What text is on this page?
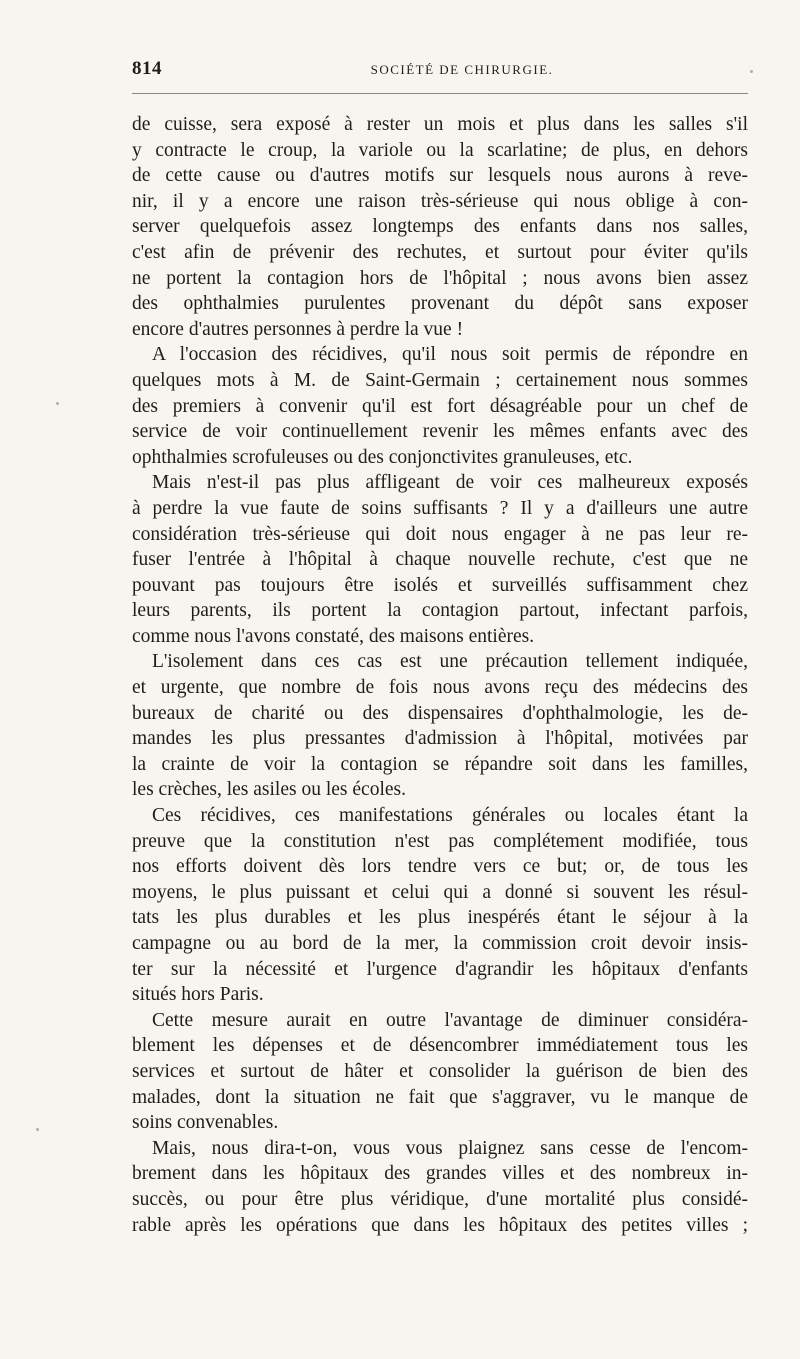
814	SOCIÉTÉ DE CHIRURGIE.
de cuisse, sera exposé à rester un mois et plus dans les salles s'il
y contracte le croup, la variole ou la scarlatine; de plus, en dehors
de cette cause ou d'autres motifs sur lesquels nous aurons à reve-
nir, il y a encore une raison très-sérieuse qui nous oblige à con-
server quelquefois assez longtemps des enfants dans nos salles,
c'est afin de prévenir des rechutes, et surtout pour éviter qu'ils
ne portent la contagion hors de l'hôpital ; nous avons bien assez
des ophthalmies purulentes provenant du dépôt sans exposer
encore d'autres personnes à perdre la vue !
A l'occasion des récidives, qu'il nous soit permis de répondre en
quelques mots à M. de Saint-Germain ; certainement nous sommes
des premiers à convenir qu'il est fort désagréable pour un chef de
service de voir continuellement revenir les mêmes enfants avec des
ophthalmies scrofuleuses ou des conjonctivites granuleuses, etc.
Mais n'est-il pas plus affligeant de voir ces malheureux exposés
à perdre la vue faute de soins suffisants ? Il y a d'ailleurs une autre
considération très-sérieuse qui doit nous engager à ne pas leur re-
fuser l'entrée à l'hôpital à chaque nouvelle rechute, c'est que ne
pouvant pas toujours être isolés et surveillés suffisamment chez
leurs parents, ils portent la contagion partout, infectant parfois,
comme nous l'avons constaté, des maisons entières.
L'isolement dans ces cas est une précaution tellement indiquée,
et urgente, que nombre de fois nous avons reçu des médecins des
bureaux de charité ou des dispensaires d'ophthalmologie, les de-
mandes les plus pressantes d'admission à l'hôpital, motivées par
la crainte de voir la contagion se répandre soit dans les familles,
les crèches, les asiles ou les écoles.
Ces récidives, ces manifestations générales ou locales étant la
preuve que la constitution n'est pas complétement modifiée, tous
nos efforts doivent dès lors tendre vers ce but; or, de tous les
moyens, le plus puissant et celui qui a donné si souvent les résul-
tats les plus durables et les plus inespérés étant le séjour à la
campagne ou au bord de la mer, la commission croit devoir insis-
ter sur la nécessité et l'urgence d'agrandir les hôpitaux d'enfants
situés hors Paris.
Cette mesure aurait en outre l'avantage de diminuer considéra-
blement les dépenses et de désencombrer immédiatement tous les
services et surtout de hâter et consolider la guérison de bien des
malades, dont la situation ne fait que s'aggraver, vu le manque de
soins convenables.
Mais, nous dira-t-on, vous vous plaignez sans cesse de l'encom-
brement dans les hôpitaux des grandes villes et des nombreux in-
succès, ou pour être plus véridique, d'une mortalité plus considé-
rable après les opérations que dans les hôpitaux des petites villes ;
